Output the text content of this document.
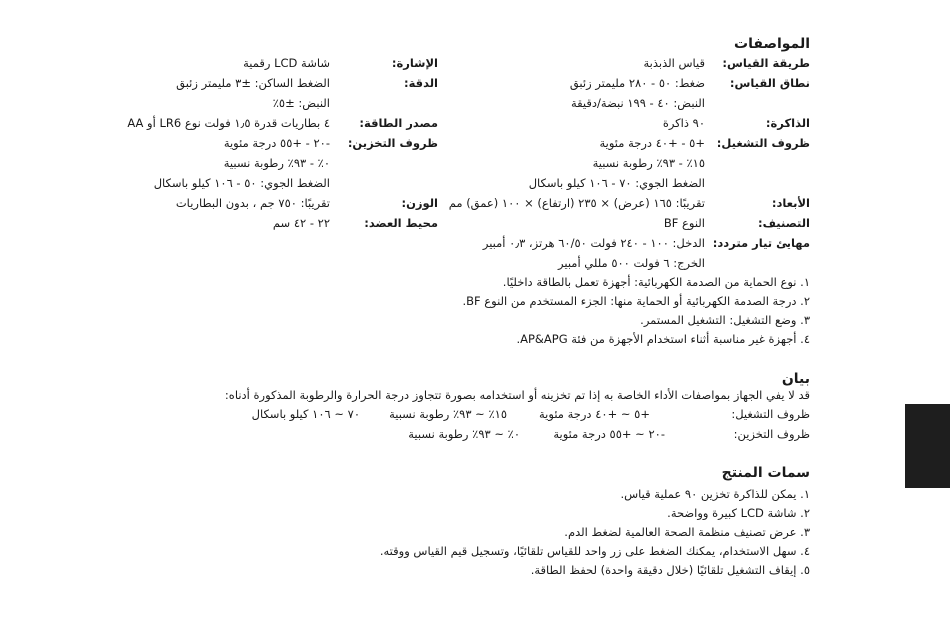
المواصفات
طريقة القياس:
قياس الذبذبة
نطاق القياس:
ضغط: ٥٠ - ٢٨٠ مليمتر زئبق
النبض: ٤٠ - ١٩٩ نبضة/دقيقة
الذاكرة:
٩٠ ذاكرة
ظروف التشغيل:
+٥ - +٤٠ درجة مئوية
١٥٪ - ٩٣٪ رطوبة نسبية
الضغط الجوي: ٧٠ - ١٠٦ كيلو باسكال
الأبعاد:
تقريبًا: ١٦٥ (عرض) × ٢٣٥ (ارتفاع) × ١٠٠ (عمق) مم
التصنيف:
النوع BF
مهايئ تيار متردد:
الدخل: ١٠٠ - ٢٤٠ فولت ٦٠/٥٠ هرتز، ٠٫٣ أمبير
الخرج: ٦ فولت ٥٠٠ مللي أمبير
الإشارة:
شاشة LCD رقمية
الدقة:
الضغط الساكن: ±٣ مليمتر زئبق
النبض: ±٥٪
مصدر الطاقة:
٤ بطاريات قدرة ١٫٥ فولت نوع LR6 أو AA
ظروف التخزين:
-٢٠ - +٥٥ درجة مئوية
٠٪ - ٩٣٪ رطوبة نسبية
الضغط الجوي: ٥٠ - ١٠٦ كيلو باسكال
الوزن:
تقريبًا: ٧٥٠ جم ، بدون البطاريات
محيط العضد:
٢٢ - ٤٢ سم
١. نوع الحماية من الصدمة الكهربائية: أجهزة تعمل بالطاقة داخليًا.
٢. درجة الصدمة الكهربائية أو الحماية منها: الجزء المستخدم من النوع BF.
٣. وضع التشغيل: التشغيل المستمر.
٤. أجهزة غير مناسبة أثناء استخدام الأجهزة من فئة AP&APG.
بيان
قد لا يفي الجهاز بمواصفات الأداء الخاصة به إذا تم تخزينه أو استخدامه بصورة تتجاوز درجة الحرارة والرطوبة المذكورة أدناه:
ظروف التشغيل:
+٥ ~ +٤٠ درجة مئوية
١٥٪ ~ ٩٣٪ رطوبة نسبية
٧٠ ~ ١٠٦ كيلو باسكال
ظروف التخزين:
-٢٠ ~ +٥٥ درجة مئوية
٠٪ ~ ٩٣٪ رطوبة نسبية
سمات المنتج
١. يمكن للذاكرة تخزين ٩٠ عملية قياس.
٢. شاشة LCD كبيرة وواضحة.
٣. عرض تصنيف منظمة الصحة العالمية لضغط الدم.
٤. سهل الاستخدام، يمكنك الضغط على زر واحد للقياس تلقائيًا، وتسجيل قيم القياس ووقته.
٥. إيقاف التشغيل تلقائيًا (خلال دقيقة واحدة) لحفظ الطاقة.
